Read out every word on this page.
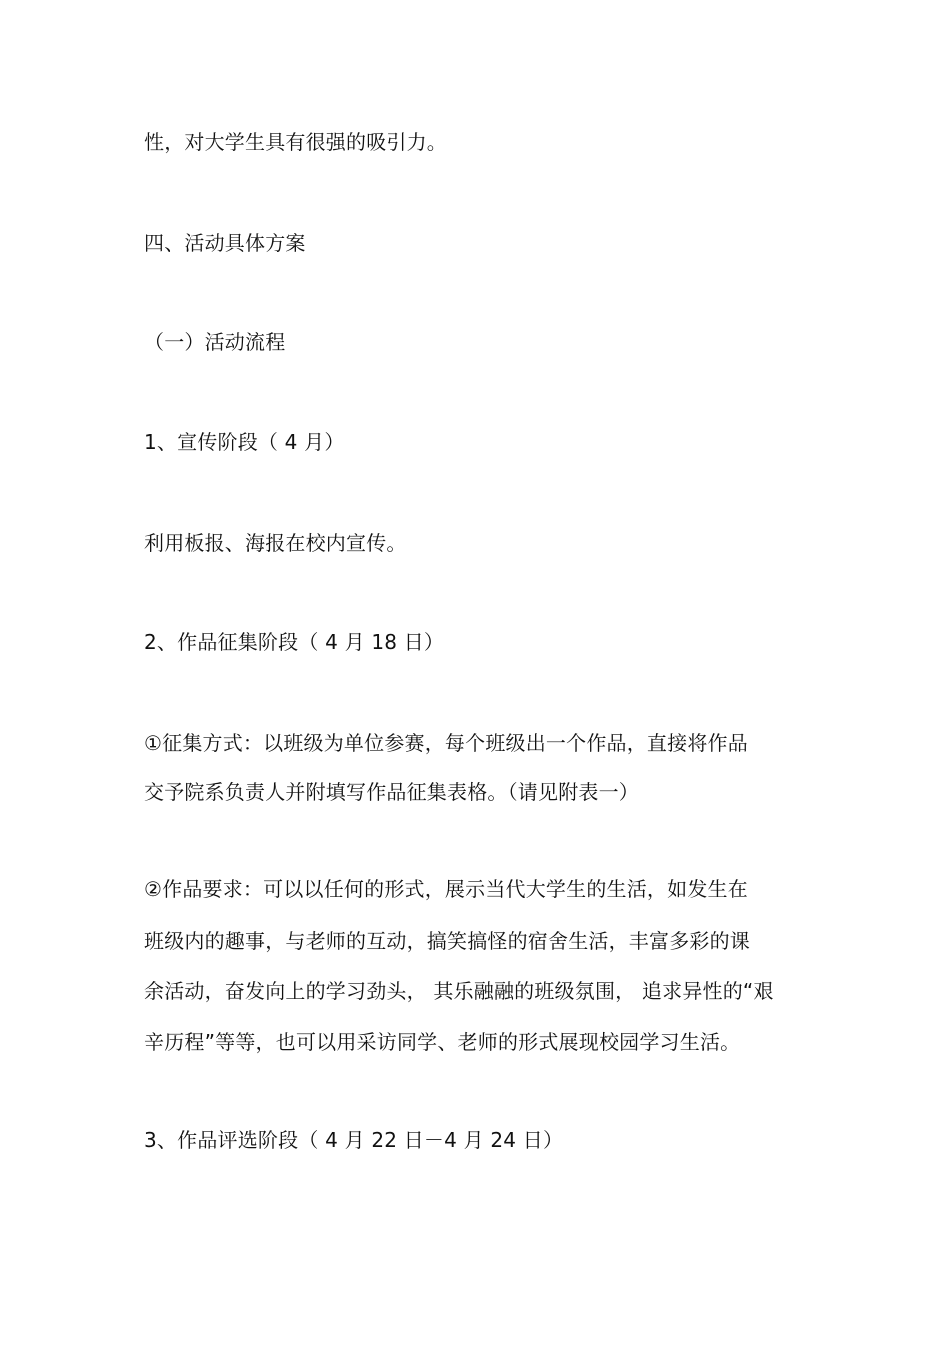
性，对大学生具有很强的吸引力。
四、活动具体方案
（一）活动流程
1、宣传阶段（ 4 月）
利用板报、海报在校内宣传。
2、作品征集阶段（ 4 月 18 日）
①征集方式：以班级为单位参赛，每个班级出一个作品，直接将作品
交予院系负责人并附填写作品征集表格。（请见附表一）
②作品要求：可以以任何的形式，展示当代大学生的生活，如发生在
班级内的趣事，与老师的互动，搞笑搞怪的宿舍生活，丰富多彩的课
余活动，奋发向上的学习劲头， 其乐融融的班级氛围， 追求异性的“艰
辛历程”等等，也可以用采访同学、老师的形式展现校园学习生活。
3、作品评选阶段（ 4 月 22 日－4 月 24 日）
